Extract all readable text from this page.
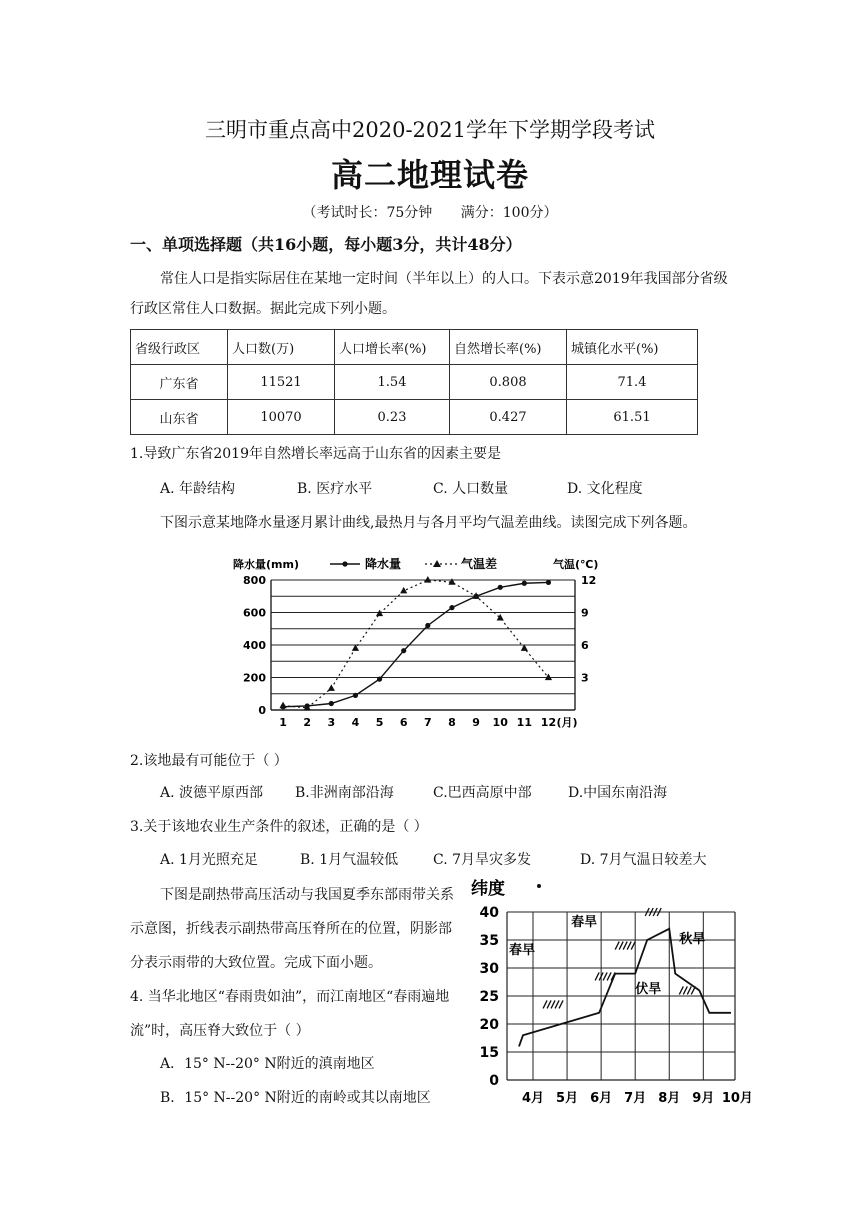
三明市重点高中2020-2021学年下学期学段考试
高二地理试卷
（考试时长：75分钟 满分：100分）
一、单项选择题（共16小题，每小题3分，共计48分）
常住人口是指实际居住在某地一定时间（半年以上）的人口。下表示意2019年我国部分省级行政区常住人口数据。据此完成下列小题。
省级行政区	人口数(万)	人口增长率(%)	自然增长率(%)	城镇化水平(%)
广东省	11521	1.54	0.808	71.4
山东省	10070	0.23	0.427	61.51
1.导致广东省2019年自然增长率远高于山东省的因素主要是
A. 年龄结构	B. 医疗水平	C. 人口数量	D. 文化程度
下图示意某地降水量逐月累计曲线,最热月与各月平均气温差曲线。读图完成下列各题。
0
200
400
600
800
3
6
9
12
1 2 3 4 5 6 7 8 9 10 11 12 (月)
降水量(mm)	气温(℃)
降水量	气温差
2.该地最有可能位于（ ）
A. 波德平原西部 B.非洲南部沿海	C.巴西高原中部	D.中国东南沿海
3.关于该地农业生产条件的叙述，正确的是（ ）
A. 1月光照充足	B. 1月气温较低 C. 7月旱灾多发	D. 7月气温日较差大
下图是副热带高压活动与我国夏季东部雨带关系示意图，折线表示副热带高压脊所在的位置，阴影部分表示雨带的大致位置。完成下面小题。
4. 当华北地区“春雨贵如油”，而江南地区“春雨遍地流”时，高压脊大致位于（ ）
A．15° N--20° N附近的滇南地区
B．15° N--20° N附近的南岭或其以南地区
0
15
20
25
30
35
40
4月 5月 6月 7月 8月 9月 10月
纬度
春早
春旱
伏旱
秋旱
